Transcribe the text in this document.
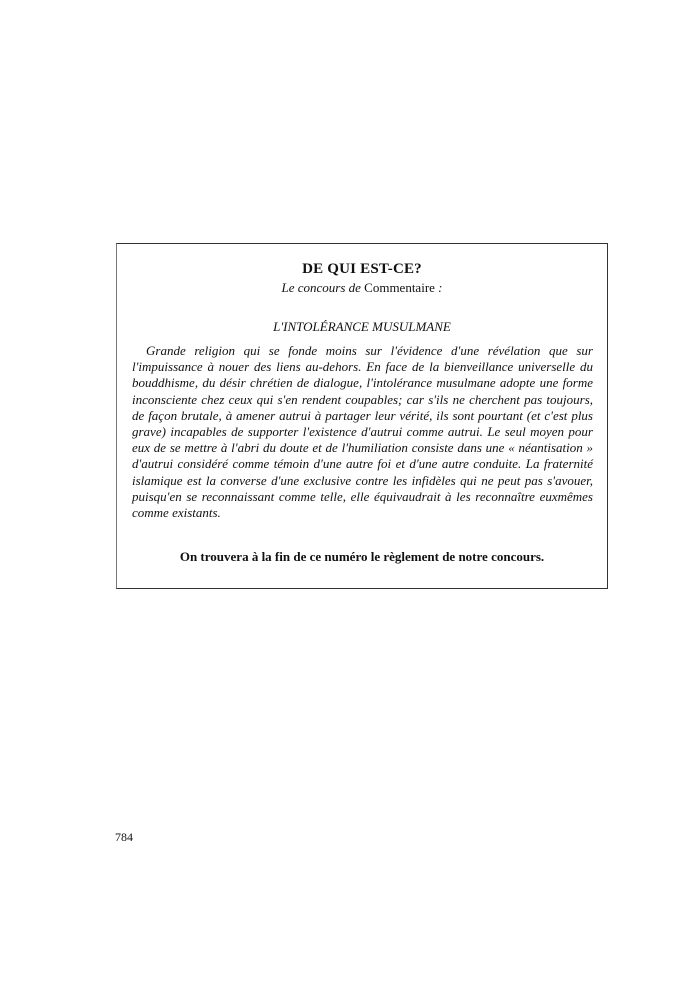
DE QUI EST-CE?
Le concours de Commentaire :
L'INTOLÉRANCE MUSULMANE

Grande religion qui se fonde moins sur l'évidence d'une révélation que sur l'impuissance à nouer des liens au-dehors. En face de la bienveillance universelle du bouddhisme, du désir chrétien de dialogue, l'intolérance musulmane adopte une forme inconsciente chez ceux qui s'en rendent coupables; car s'ils ne cherchent pas toujours, de façon brutale, à amener autrui à partager leur vérité, ils sont pourtant (et c'est plus grave) incapables de supporter l'existence d'autrui comme autrui. Le seul moyen pour eux de se mettre à l'abri du doute et de l'humiliation consiste dans une « néantisation » d'autrui considéré comme témoin d'une autre foi et d'une autre conduite. La fraternité islamique est la converse d'une exclusive contre les infidèles qui ne peut pas s'avouer, puisqu'en se reconnaissant comme telle, elle équivaudrait à les reconnaître euxmêmes comme existants.

On trouvera à la fin de ce numéro le règlement de notre concours.
784
